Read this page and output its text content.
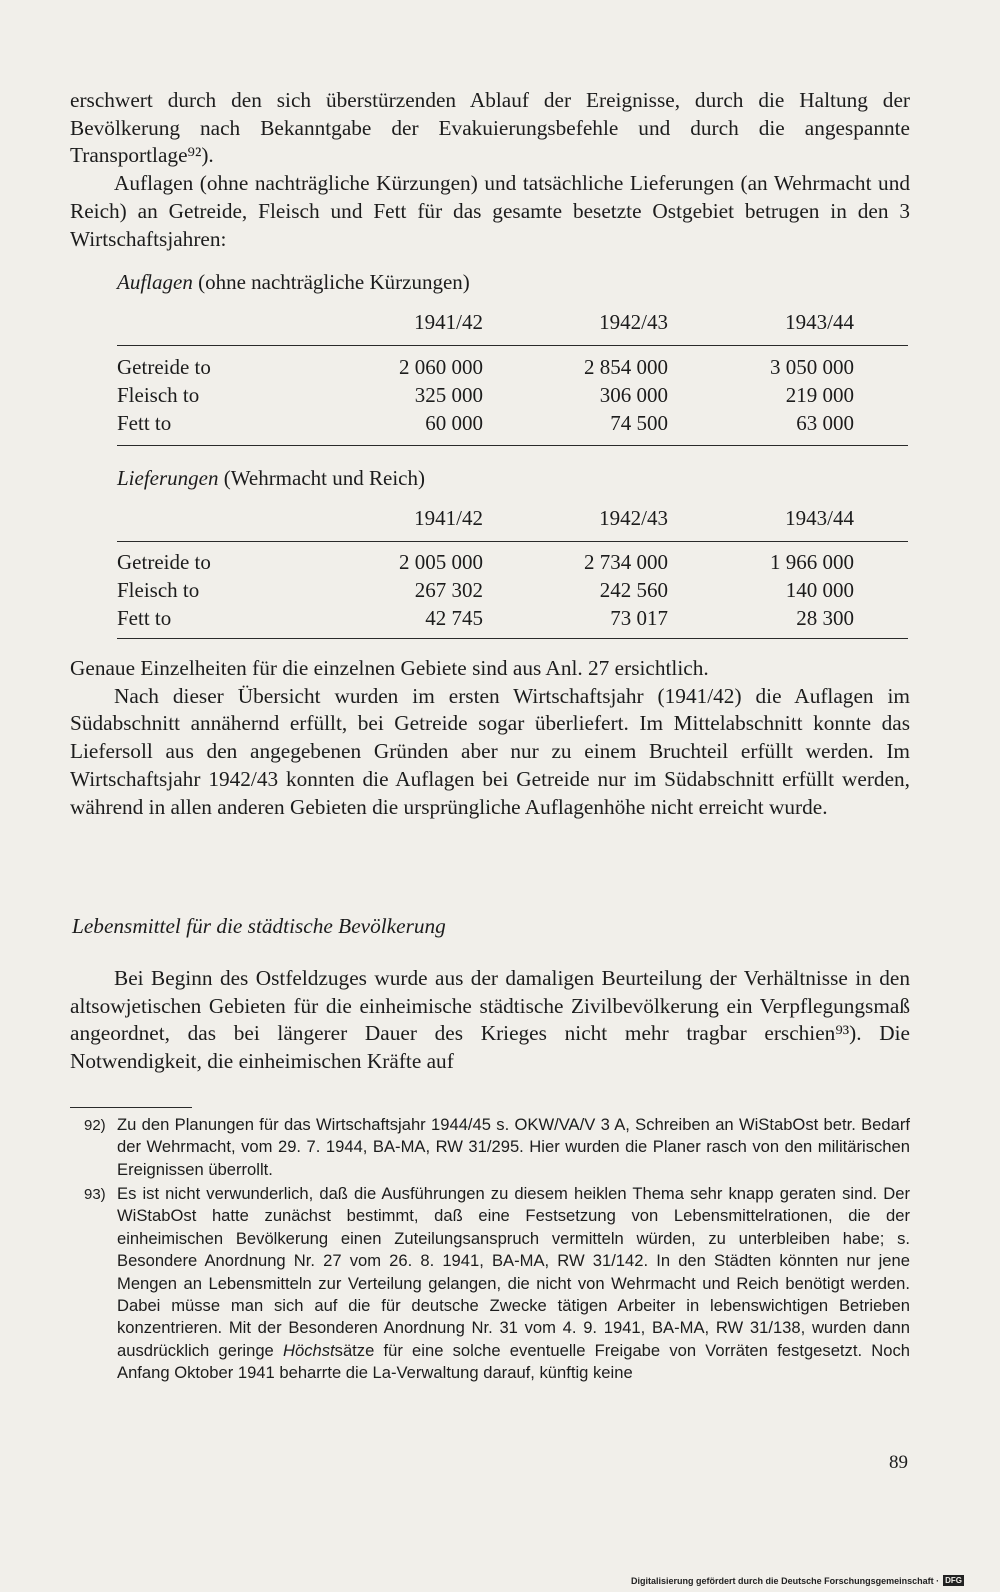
erschwert durch den sich überstürzenden Ablauf der Ereignisse, durch die Haltung der Bevölkerung nach Bekanntgabe der Evakuierungsbefehle und durch die angespannte Transportlage⁹²).

Auflagen (ohne nachträgliche Kürzungen) und tatsächliche Lieferungen (an Wehrmacht und Reich) an Getreide, Fleisch und Fett für das gesamte besetzte Ostgebiet betrugen in den 3 Wirtschaftsjahren:

Auflagen (ohne nachträgliche Kürzungen)
1941/42	1942/43	1943/44
Getreide to	2 060 000	2 854 000	3 050 000
Fleisch to	325 000	306 000	219 000
Fett to	60 000	74 500	63 000
Lieferungen (Wehrmacht und Reich)
1941/42	1942/43	1943/44
Getreide to	2 005 000	2 734 000	1 966 000
Fleisch to	267 302	242 560	140 000
Fett to	42 745	73 017	28 300

Genaue Einzelheiten für die einzelnen Gebiete sind aus Anl. 27 ersichtlich.

Nach dieser Übersicht wurden im ersten Wirtschaftsjahr (1941/42) die Auflagen im Südabschnitt annähernd erfüllt, bei Getreide sogar überliefert. Im Mittelabschnitt konnte das Liefersoll aus den angegebenen Gründen aber nur zu einem Bruchteil erfüllt werden. Im Wirtschaftsjahr 1942/43 konnten die Auflagen bei Getreide nur im Südabschnitt erfüllt werden, während in allen anderen Gebieten die ursprüngliche Auflagenhöhe nicht erreicht wurde.

Lebensmittel für die städtische Bevölkerung

Bei Beginn des Ostfeldzuges wurde aus der damaligen Beurteilung der Verhältnisse in den altsowjetischen Gebieten für die einheimische städtische Zivilbevölkerung ein Verpflegungsmaß angeordnet, das bei längerer Dauer des Krieges nicht mehr tragbar erschien⁹³). Die Notwendigkeit, die einheimischen Kräfte auf

92) Zu den Planungen für das Wirtschaftsjahr 1944/45 s. OKW/VA/V 3 A, Schreiben an WiStabOst betr. Bedarf der Wehrmacht, vom 29. 7. 1944, BA-MA, RW 31/295. Hier wurden die Planer rasch von den militärischen Ereignissen überrollt.
93) Es ist nicht verwunderlich, daß die Ausführungen zu diesem heiklen Thema sehr knapp geraten sind. Der WiStabOst hatte zunächst bestimmt, daß eine Festsetzung von Lebensmittelrationen, die der einheimischen Bevölkerung einen Zuteilungsanspruch vermitteln würden, zu unterbleiben habe; s. Besondere Anordnung Nr. 27 vom 26. 8. 1941, BA-MA, RW 31/142. In den Städten könnten nur jene Mengen an Lebensmitteln zur Verteilung gelangen, die nicht von Wehrmacht und Reich benötigt werden. Dabei müsse man sich auf die für deutsche Zwecke tätigen Arbeiter in lebenswichtigen Betrieben konzentrieren. Mit der Besonderen Anordnung Nr. 31 vom 4. 9. 1941, BA-MA, RW 31/138, wurden dann ausdrücklich geringe Höchstsätze für eine solche eventuelle Freigabe von Vorräten festgesetzt. Noch Anfang Oktober 1941 beharrte die La-Verwaltung darauf, künftig keine
89
Digitalisierung gefördert durch die Deutsche Forschungsgemeinschaft · DFG
